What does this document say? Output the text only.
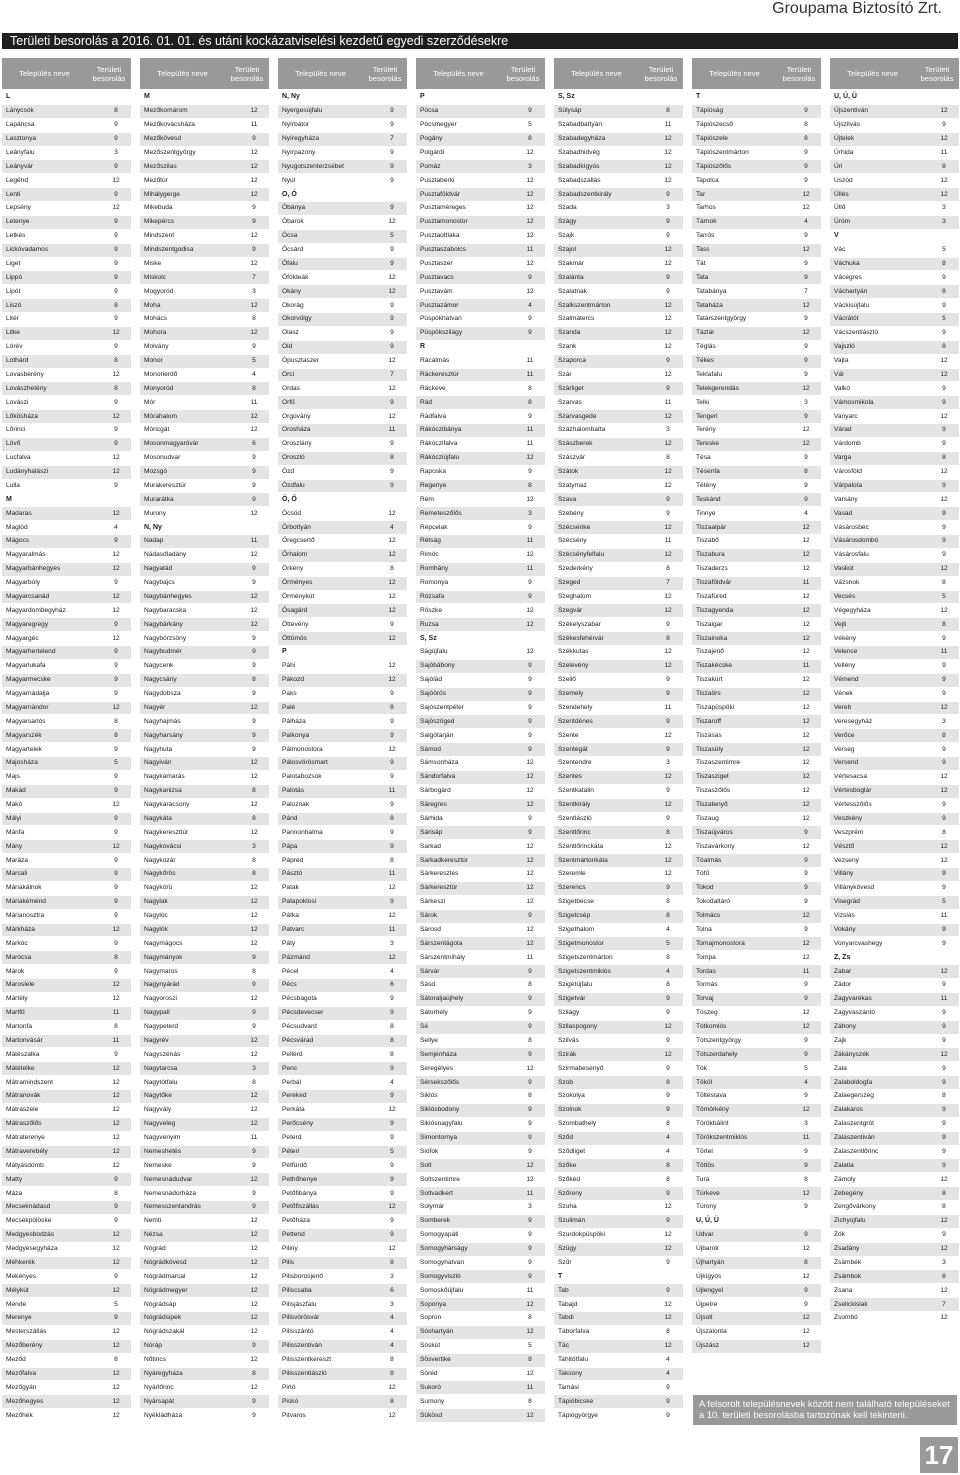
Groupama Biztosító Zrt.
Területi besorolás a 2016. 01. 01. és utáni kockázatviselési kezdetű egyedi szerződésekre
Település neve	Területi besorolás
L
Lánycsók	8
Lapáncsa	9
Lasztonya	9
Leányfalu	3
Leányvár	9
Legénd	12
Lenti	9
Lepsény	12
Letenye	9
Letkés	9
Lickóvadamos	9
Liget	9
Lippó	9
Lipót	9
Liszó	8
Litér	9
Litke	12
Lórév	9
Lothárd	8
Lovasberény	12
Lovászhetény	8
Lovászi	9
Lőkösháza	12
Lőrinci	9
Lövő	9
Lucfalva	12
Ludányhalászi	12
Lulla	9
M
Madaras	12
Maglód	4
Mágocs	9
Magyaralmás	12
Magyarbánhegyes	12
Magyarbóly	9
Magyarcsanád	12
Magyardombegyház	12
Magyaregregy	9
Magyargéc	12
Magyarhertelend	9
Magyarlukafa	9
Magyarmecske	9
Magyarnádalja	9
Magyarnándor	12
Magyarsarlós	8
Magyarszék	8
Magyartelek	9
Majosháza	5
Majs	9
Makád	9
Makó	12
Mályi	9
Mánfa	9
Mány	12
Maráza	9
Marcali	9
Máriakálnok	9
Máriakéménd	9
Márianosztra	9
Márkháza	12
Markóc	9
Marócsa	8
Márok	9
Maroslele	12
Mártély	12
Martfű	11
Martonfa	8
Martonvásár	11
Mátészalka	9
Mátételke	12
Mátramindszent	12
Mátranovák	12
Mátraszele	12
Mátraszőlős	12
Mátraterenye	12
Mátraverebély	12
Mátyásdomb	12
Matty	9
Máza	8
Mecseknádasd	9
Mecsekpölöske	9
Medgyesbodzás	12
Medgyesegyháza	12
Méhkerék	12
Mekényes	9
Mélykút	12
Mende	5
Merenye	9
Mesterszállás	12
Mezőberény	12
Meződ	8
Mezőfalva	12
Mezőgyán	12
Mezőhegyes	12
Mezőhék	12
Település neve	Területi besorolás
M
Mezőkomárom	12
Mezőkovácsháza	11
Mezőkövesd	9
Mezőszentgyörgy	12
Mezőszilas	12
Mezőtúr	12
Mihálygerge	12
Mikebuda	9
Mikepércs	9
Mindszent	12
Mindszentgodisa	9
Miske	12
Miskolc	7
Mogyoród	3
Moha	12
Mohács	8
Mohora	12
Molvány	9
Monor	5
Monorierdő	4
Monyoród	8
Mór	11
Mórahalom	12
Móricgát	12
Mosonmagyaróvár	6
Mosonudvar	9
Mozsgó	9
Murakeresztúr	9
Murarátka	9
Murony	12
N, Ny
Nadap	11
Nádasdladány	12
Nagyatád	9
Nagybajcs	9
Nagybánhegyes	12
Nagybaracska	12
Nagybárkány	12
Nagybörzsöny	9
Nagybudmér	9
Nagycenk	9
Nagycsány	8
Nagydobsza	9
Nagyér	12
Nagyhajmás	9
Nagyharsány	9
Nagyhuta	9
Nagyiván	12
Nagykamarás	12
Nagykanizsa	8
Nagykarácsony	12
Nagykáta	8
Nagykereszttúr	12
Nagykovácsi	3
Nagykozár	8
Nagykőrös	8
Nagykörü	12
Nagylak	12
Nagylóc	12
Nagylók	12
Nagymágocs	12
Nagymányok	9
Nagymaros	8
Nagynyárád	9
Nagyoroszi	12
Nagypall	9
Nagypeterd	9
Nagyrév	12
Nagyszénás	12
Nagytarcsa	3
Nagytótfalu	8
Nagytőke	12
Nagyvály	12
Nagyveleg	12
Nagyvenyim	11
Nemeshetés	9
Nemeske	9
Nemesnádudvar	12
Nemesnádorháza	9
Nemesszentandrás	9
Nemti	12
Nézsa	12
Nógrád	12
Nógrádkövesd	12
Nógrádmarcal	12
Nógrádmegyer	12
Nógrádsáp	12
Nógrádsipek	12
Nógrádszakál	12
Nóráp	9
Nőtincs	12
Nyáregyháza	8
Nyárlőrinc	12
Nyársapát	9
Nyékládháza	9
Település neve	Területi besorolás
N, Ny
Nyergesújfalu	9
Nyírbátor	9
Nyíregyháza	7
Nyírpazony	9
Nyugotszenterzsébet	9
Nyúl	9
O, Ó
Óbánya	9
Óbarok	12
Ócsa	5
Öcsárd	9
Ófalu	9
Őföldeák	12
Okány	12
Okorág	9
Okorvölgy	9
Olasz	9
Old	9
Ópusztaszer	12
Orci	7
Ordas	12
Orfű	9
Orgovány	12
Orosháza	11
Oroszlány	9
Oroszló	8
Ózd	9
Ózdfalu	9
Ö, Ő
Öcsöd	12
Őrbottyán	4
Őregcsertő	12
Őrhalom	12
Örkény	8
Örményes	12
Örménykút	12
Ősagárd	12
Öttevény	9
Öttömös	12
P
Páhi	12
Pákozd	12
Paks	9
Palé	8
Pálháza	9
Palkonya	9
Pálmonostora	12
Pálosvörösmart	9
Palotabozsok	9
Palotás	11
Paloznak	9
Pánd	8
Pannonhalma	9
Pápa	9
Pápréd	8
Pásztó	11
Patak	12
Patapoklosi	9
Pátka	12
Patvarc	11
Páty	3
Pázmánd	12
Pécel	4
Pécs	6
Pécsbagota	9
Pécsdevecser	9
Pécsudvard	8
Pécsvárad	8
Pellérd	8
Penc	9
Perbál	4
Pereked	9
Perkáta	12
Perőcsény	9
Peterd	9
Péteri	5
Pétfürdő	9
Pethőhenye	9
Petőfibánya	9
Petőfiszállás	12
Petőháza	9
Pettend	9
Piliny	12
Pilis	8
Pilisborosjenő	3
Piliscsaba	6
Pilisjászfalu	3
Pilisvörösvár	4
Pilisszántó	4
Pilisszentiván	4
Pilisszentkereszt	8
Pilisszentlászló	8
Pirtó	12
Piskó	8
Pitvaros	12
Település neve	Területi besorolás
P
Pócsa	9
Pócsmegyer	5
Pogány	8
Polgárdi	12
Pomáz	3
Pusztaberki	12
Pusztaföldvár	12
Pusztaméreges	12
Pusztamonostor	12
Pusztaottlaka	12
Pusztaszabolcs	11
Pusztaszer	12
Pusztavacs	9
Pusztavám	12
Pusztazámor	4
Püspökhatvan	9
Püspökszilágy	9
R
Rácalmás	11
Ráckeresztúr	11
Ráckeve	8
Rád	8
Rádfalva	9
Rákóczibánya	11
Rákóczifalva	11
Rákócziújfalu	12
Raposka	9
Regenye	8
Rém	12
Remeteszőlős	3
Répcelak	9
Rétság	11
Rimóc	12
Romhány	11
Romonya	9
Rózsafa	9
Röszke	12
Ruzsa	12
S, Sz
Ságújfalu	12
Sajóbábony	9
Sajólád	9
Sajóörös	9
Sajószentpéter	9
Sajószöged	9
Salgótarján	9
Sámod	9
Sámsonháza	12
Sándorfalva	12
Sárbogárd	12
Sáregres	12
Sárhida	9
Sárisáp	9
Sarkad	12
Sarkadkeresztúr	12
Sárkeresztes	12
Sárkeresztúr	12
Sárkeszi	12
Sárok	9
Sárosd	12
Sárszentágota	12
Sárszentmihály	11
Sárvár	9
Sásd	8
Sátoraljaújhely	9
Sátorhely	9
Sé	9
Sellye	8
Semjénháza	9
Seregélyes	12
Sérsekszőlős	9
Siklós	8
Siklósbodony	9
Siklósnagyfalu	9
Simontornya	9
Siófok	9
Solt	12
Soltszentimre	12
Soltvadkert	11
Solymár	3
Somberek	9
Somogyapáti	9
Somogyhárságy	9
Somogyhatvan	9
Somogyviszló	9
Somoskőújfalu	11
Soponya	12
Sopron	8
Sóshartyán	12
Sóskút	5
Sösvertike	8
Söréd	12
Sukoró	11
Sumony	8
Sükösd	12
Település neve	Területi besorolás
S, Sz
Sülysáp	8
Szabadbattyán	11
Szabadegyháza	12
Szabadhidvég	12
Szabadkígyós	12
Szabadszállás	12
Szabadszentkirály	9
Szada	3
Szágy	9
Szajk	9
Szajol	12
Szakmár	12
Szalánta	9
Szalatnak	9
Szalkszentmárton	12
Szalmatercs	12
Szanda	12
Szank	12
Szaporca	9
Szár	12
Szárliget	9
Szarvas	11
Szarvasgede	12
Százhalombatta	3
Szászberek	12
Szászvár	8
Szátok	12
Szatymaz	12
Szava	9
Szebény	9
Szécsénke	12
Szécsény	11
Szécsényfelfalu	12
Szederkény	8
Szeged	7
Szeghalom	12
Szegvár	12
Székelyszabar	9
Székesfehérvár	8
Székkutas	12
Szelevény	12
Szellő	9
Szemely	9
Szendehely	11
Szentdénes	9
Szente	12
Szentegát	9
Szentendre	3
Szentes	12
Szentkatalin	9
Szentkirály	12
Szentlászló	9
Szentlőrinc	8
Szentlőrinckáta	12
Szentmártonkáta	12
Szeremle	12
Szerencs	9
Szigetbecse	8
Szigetcsép	8
Szigethalom	4
Szigetmonostor	5
Szigetszentmárton	8
Szigetszentmiklós	4
Szigetújfalu	8
Szigetvár	9
Szilágy	9
Szilaspogony	12
Szilvás	9
Szirák	12
Szirmabesenyő	9
Szob	8
Szokolya	9
Szolnok	9
Szombathely	8
Sződ	4
Sződliget	4
Szőke	8
Szőkéd	8
Szőreny	9
Szuha	12
Szulimán	9
Szurdokpüspöki	12
Szügy	12
Szűr	9
T
Tab	9
Tabajd	12
Tabdi	12
Táborfalva	8
Tác	12
Tahitótfalu	4
Taksony	4
Tamási	9
Tápióbicske	9
Tápiógyörgye	9
Település neve	Területi besorolás
T
Tápióság	9
Tápiószecső	8
Tápiószele	8
Tápiószentmárton	9
Tápiószőlős	9
Tapolca	9
Tar	12
Tarhos	12
Tárnok	4
Tarrós	9
Tass	12
Tát	9
Tata	9
Tatabánya	7
Tataháza	12
Tatárszentgyörgy	9
Tázlár	12
Téglás	9
Tékes	9
Teklafalu	9
Telekgerendás	12
Telki	3
Tengeri	9
Terény	12
Tereske	12
Tésa	9
Tésenfa	8
Tétény	9
Teskánd	9
Tinnye	4
Tiszaalpár	12
Tiszabő	12
Tiszabura	12
Tiszaderzs	12
Tiszaföldvár	11
Tiszafüred	12
Tiszagyenda	12
Tiszaigar	12
Tiszainoka	12
Tiszajenő	12
Tiszakécske	11
Tiszakürt	12
Tiszaörs	12
Tiszapüspöki	12
Tiszaroff	12
Tiszasas	12
Tiszasüly	12
Tiszaszentimre	12
Tiszasziget	12
Tiszaszőlős	12
Tiszatenyő	12
Tiszaug	12
Tiszaújváros	9
Tiszavárkony	12
Tóalmás	9
Tófű	9
Tokod	9
Tokodaltáró	9
Tolmács	12
Tolna	9
Tomajmonostora	12
Tompa	12
Tordas	11
Tormás	9
Torvaj	9
Tószeg	12
Tótkomlós	12
Tótszentgyörgy	9
Tótszerdahely	9
Tök	5
Tököl	4
Töltéstava	9
Tömörkény	12
Törökbálint	3
Törökszentmiklós	11
Törtel	9
Töttös	9
Tura	8
Türkeve	12
Túrony	9
U, Ú, Ü
Udvar	9
Újbarok	12
Újhartyán	8
Újkígyós	12
Újlengyel	9
Újpetre	9
Újsolt	12
Újszalonta	12
Újszász	12
Település neve	Területi besorolás
U, Ú, Ü
Újszentiván	12
Újszilvás	9
Újtelek	12
Úrhida	11
Úri	8
Uszód	12
Üllés	12
Üllő	3
Üröm	3
V
Vác	5
Váchuka	8
Vácegres	9
Váchartyán	8
Váckisújfalu	9
Vácrátót	5
Vácszentlászló	9
Vajszló	8
Vajta	12
Vál	12
Valkó	9
Vámosmikola	9
Vanyarc	12
Várad	9
Várdomb	9
Varga	8
Városföld	12
Várpalota	9
Varsány	12
Vasad	9
Vásárosbéc	9
Vásárosdombó	9
Vásárosfalu	9
Vaskút	12
Vázsnok	8
Vecsés	5
Végegyháza	12
Vejti	8
Vékény	9
Velence	11
Vellény	9
Vémend	9
Vének	9
Vereb	12
Veresegyház	3
Verőce	8
Verseg	9
Versend	9
Vértesacsa	12
Vértesboglár	12
Vértesszőlős	9
Veszkény	9
Veszprém	8
Vésztő	12
Vezseny	12
Villány	9
Villánykövesd	9
Visegrád	5
Vizslás	11
Vokány	9
Vonyarcvashegy	9
Z, Zs
Zabar	12
Zádor	9
Zagyvarékas	11
Zagyvaszántó	9
Záhony	9
Zajk	9
Zákányszék	12
Zala	9
Zalaboldogfa	9
Zalaegerszeg	8
Zalakaros	9
Zalaszentgrót	9
Zalaszentiván	9
Zalaszentlőrinc	9
Zalatia	9
Zámoly	12
Zebegény	8
Zengővárkony	8
Zichyújfalu	12
Zók	9
Zsadány	12
Zsámbék	3
Zsámbok	8
Zsana	12
Zselickislak	7
Zsombó	12
A felsorolt településnevek között nem található településeket a 10. területi besorolásba tartozónak kell tekinteni.
17
